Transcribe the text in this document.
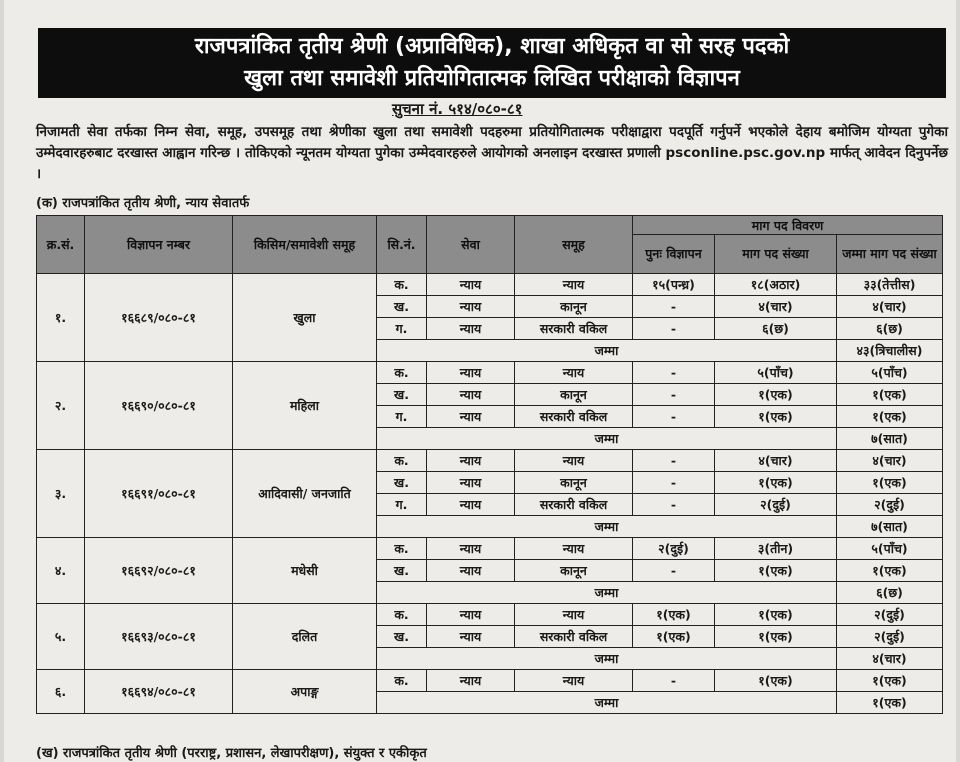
राजपत्रांकित तृतीय श्रेणी (अप्राविधिक), शाखा अधिकृत वा सो सरह पदको
खुला तथा समावेशी प्रतियोगितात्मक लिखित परीक्षाको विज्ञापन
सुचना नं. ५१४/०८०-८१
निजामती सेवा तर्फका निम्न सेवा, समूह, उपसमूह तथा श्रेणीका खुला तथा समावेशी पदहरुमा प्रतियोगितात्मक परीक्षाद्वारा पदपूर्ति गर्नुपर्ने भएकोले देहाय बमोजिम योग्यता पुगेका उम्मेदवारहरुबाट दरखास्त आह्वान गरिन्छ । तोकिएको न्यूनतम योग्यता पुगेका उम्मेदवारहरुले आयोगको अनलाइन दरखास्त प्रणाली psconline.psc.gov.np मार्फत् आवेदन दिनुपर्नेछ ।
(क) राजपत्रांकित तृतीय श्रेणी, न्याय सेवातर्फ
क्र.सं.	विज्ञापन नम्बर	किसिम/समावेशी समूह	सि.नं.	सेवा	समूह	माग पद विवरण		
						पुनः विज्ञापन	माग पद संख्या	जम्मा माग पद संख्या
१.	१६६८९/०८०-८१	खुला	क.	न्याय	न्याय	१५(पन्ध्र)	१८(अठार)	३३(तेत्तीस)
			ख.	न्याय	कानून	-	४(चार)	४(चार)
			ग.	न्याय	सरकारी वकिल	-	६(छ)	६(छ)
			जम्मा					४३(त्रिचालीस)
२.	१६६९०/०८०-८१	महिला	क.	न्याय	न्याय	-	५(पाँच)	५(पाँच)
			ख.	न्याय	कानून	-	१(एक)	१(एक)
			ग.	न्याय	सरकारी वकिल	-	१(एक)	१(एक)
			जम्मा					७(सात)
३.	१६६९१/०८०-८१	आदिवासी/ जनजाति	क.	न्याय	न्याय	-	४(चार)	४(चार)
			ख.	न्याय	कानून	-	१(एक)	१(एक)
			ग.	न्याय	सरकारी वकिल	-	२(दुई)	२(दुई)
			जम्मा					७(सात)
४.	१६६९२/०८०-८१	मधेसी	क.	न्याय	न्याय	२(दुई)	३(तीन)	५(पाँच)
			ख.	न्याय	कानून	-	१(एक)	१(एक)
			जम्मा					६(छ)
५.	१६६९३/०८०-८१	दलित	क.	न्याय	न्याय	१(एक)	१(एक)	२(दुई)
			ख.	न्याय	सरकारी वकिल	१(एक)	१(एक)	२(दुई)
			जम्मा					४(चार)
६.	१६६९४/०८०-८१	अपाङ्ग	क.	न्याय	न्याय	-	१(एक)	१(एक)
			जम्मा					१(एक)
(ख) राजपत्रांकित तृतीय श्रेणी (परराष्ट्र, प्रशासन, लेखापरीक्षण), संयुक्त र एकीकृत
